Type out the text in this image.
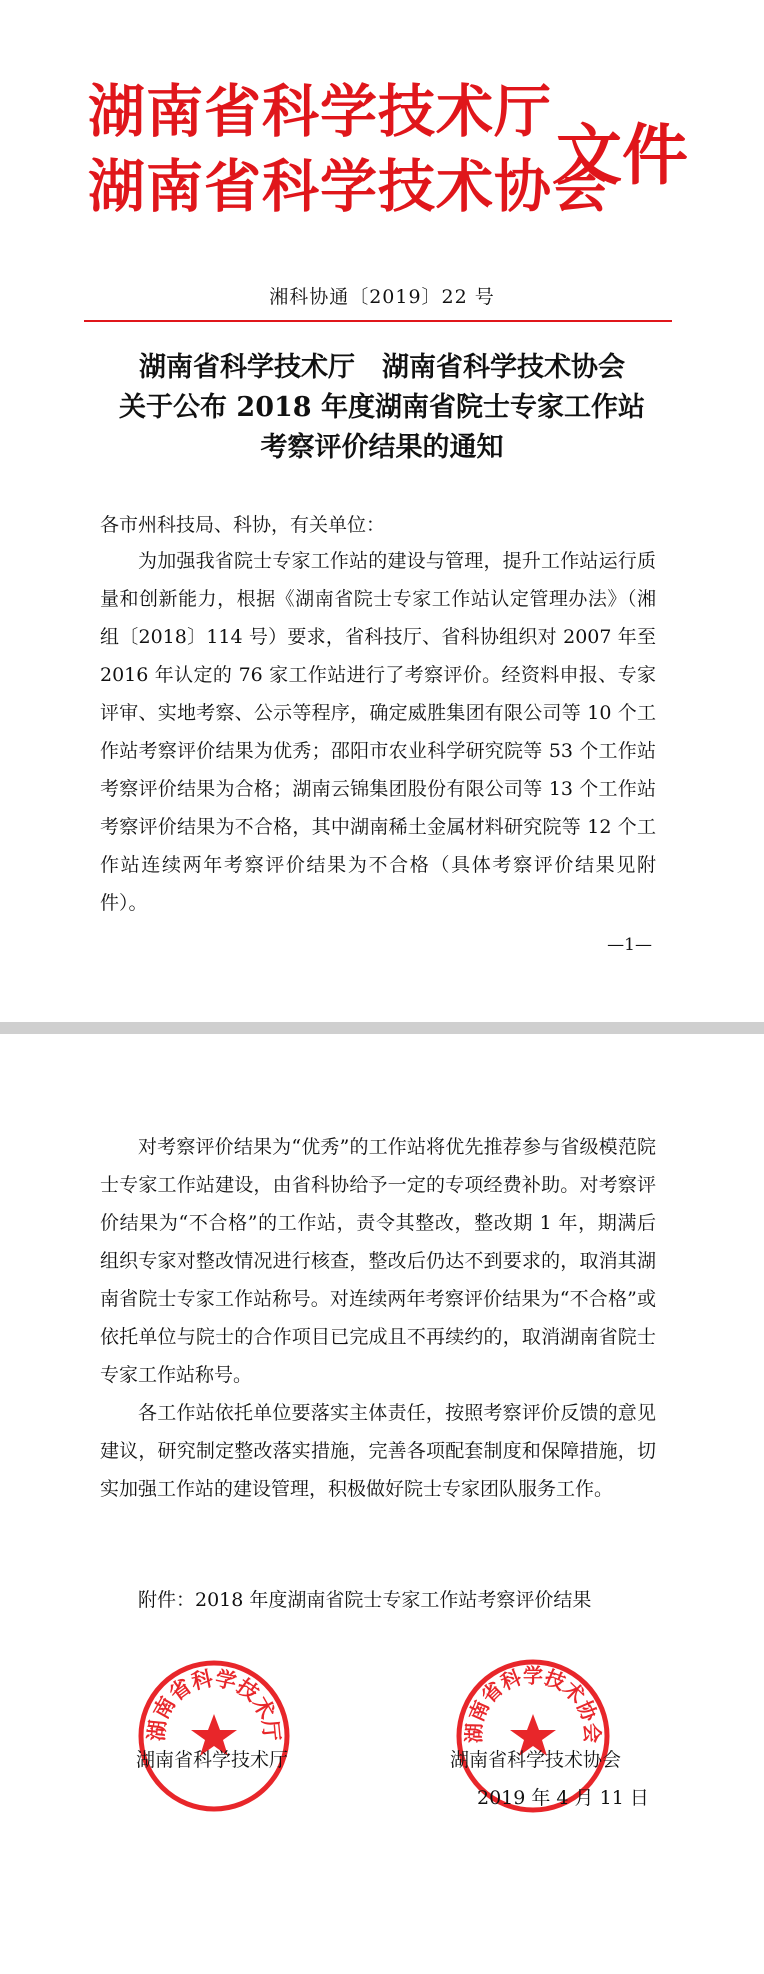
湖南省科学技术厅
湖南省科学技术协会
文件
湘科协通〔2019〕22 号
湖南省科学技术厅　湖南省科学技术协会
关于公布 2018 年度湖南省院士专家工作站
考察评价结果的通知

各市州科技局、科协，有关单位：

为加强我省院士专家工作站的建设与管理，提升工作站运行质量和创新能力，根据《湖南省院士专家工作站认定管理办法》（湘组〔2018〕114 号）要求，省科技厅、省科协组织对 2007 年至 2016 年认定的 76 家工作站进行了考察评价。经资料申报、专家评审、实地考察、公示等程序，确定威胜集团有限公司等 10 个工作站考察评价结果为优秀；邵阳市农业科学研究院等 53 个工作站考察评价结果为合格；湖南云锦集团股份有限公司等 13 个工作站考察评价结果为不合格，其中湖南稀土金属材料研究院等 12 个工作站连续两年考察评价结果为不合格（具体考察评价结果见附件）。

—1—

对考察评价结果为“优秀”的工作站将优先推荐参与省级模范院士专家工作站建设，由省科协给予一定的专项经费补助。对考察评价结果为“不合格”的工作站，责令其整改，整改期 1 年，期满后组织专家对整改情况进行核查，整改后仍达不到要求的，取消其湖南省院士专家工作站称号。对连续两年考察评价结果为“不合格”或依托单位与院士的合作项目已完成且不再续约的，取消湖南省院士专家工作站称号。

各工作站依托单位要落实主体责任，按照考察评价反馈的意见建议，研究制定整改落实措施，完善各项配套制度和保障措施，切实加强工作站的建设管理，积极做好院士专家团队服务工作。

附件：2018 年度湖南省院士专家工作站考察评价结果
湖南省科学技术厅	湖南省科学技术协会
湖南省科学技术厅	湖南省科学技术协会
2019 年 4 月 11 日
